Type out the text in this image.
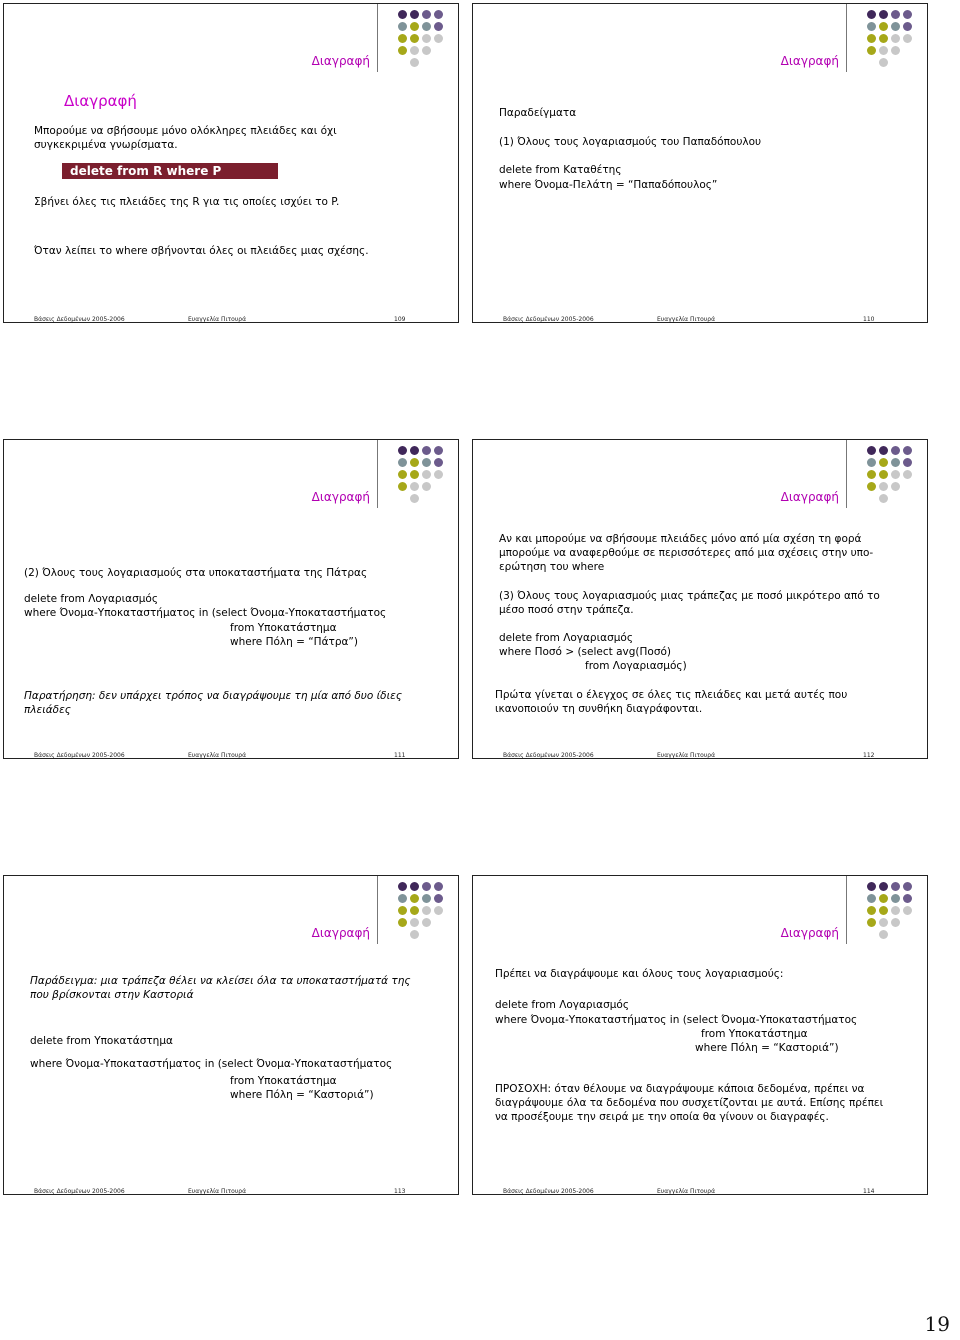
Διαγραφή
Διαγραφή
Μπορούμε να σβήσουμε μόνο ολόκληρες πλειάδες και όχι
συγκεκριμένα γνωρίσματα.
delete from R where P
Σβήνει όλες τις πλειάδες της R για τις οποίες ισχύει το P.
Όταν λείπει το where σβήνονται όλες οι πλειάδες μιας σχέσης.
Βάσεις Δεδομένων 2005-2006	Ευαγγελία Πιτουρά	109
Διαγραφή
Παραδείγματα
(1) Όλους τους λογαριασμούς του Παπαδόπουλου
delete from Καταθέτης
where Όνομα-Πελάτη = “Παπαδόπουλος”
Βάσεις Δεδομένων 2005-2006	Ευαγγελία Πιτουρά	110
Διαγραφή
(2) Όλους τους λογαριασμούς στα υποκαταστήματα της Πάτρας
delete from Λογαριασμός
where Όνομα-Υποκαταστήματος in (select Όνομα-Υποκαταστήματος
from Υποκατάστημα
where Πόλη = “Πάτρα”)
Παρατήρηση: δεν υπάρχει τρόπος να διαγράψουμε τη μία από δυο ίδιες
πλειάδες
Βάσεις Δεδομένων 2005-2006	Ευαγγελία Πιτουρά	111
Διαγραφή
Αν και μπορούμε να σβήσουμε πλειάδες μόνο από μία σχέση τη φορά
μπορούμε να αναφερθούμε σε περισσότερες από μια σχέσεις στην υπο-
ερώτηση του where
(3) Όλους τους λογαριασμούς μιας τράπεζας με ποσό μικρότερο από το
μέσο ποσό στην τράπεζα.
delete from Λογαριασμός
where Ποσό > (select avg(Ποσό)
from Λογαριασμός)
Πρώτα γίνεται ο έλεγχος σε όλες τις πλειάδες και μετά αυτές που
ικανοποιούν τη συνθήκη διαγράφονται.
Βάσεις Δεδομένων 2005-2006	Ευαγγελία Πιτουρά	112
Διαγραφή
Παράδειγμα: μια τράπεζα θέλει να κλείσει όλα τα υποκαταστήματά της
που βρίσκονται στην Καστοριά
delete from Υποκατάστημα
where Όνομα-Υποκαταστήματος in (select Όνομα-Υποκαταστήματος
from Υποκατάστημα
where Πόλη = “Καστοριά”)
Βάσεις Δεδομένων 2005-2006	Ευαγγελία Πιτουρά	113
Διαγραφή
Πρέπει να διαγράψουμε και όλους τους λογαριασμούς:
delete from Λογαριασμός
where Όνομα-Υποκαταστήματος in (select Όνομα-Υποκαταστήματος
from Υποκατάστημα
where Πόλη = “Καστοριά”)
ΠΡΟΣΟΧΗ: όταν θέλουμε να διαγράψουμε κάποια δεδομένα, πρέπει να
διαγράψουμε όλα τα δεδομένα που συσχετίζονται με αυτά. Επίσης πρέπει
να προσέξουμε την σειρά με την οποία θα γίνουν οι διαγραφές.
Βάσεις Δεδομένων 2005-2006	Ευαγγελία Πιτουρά	114
19
